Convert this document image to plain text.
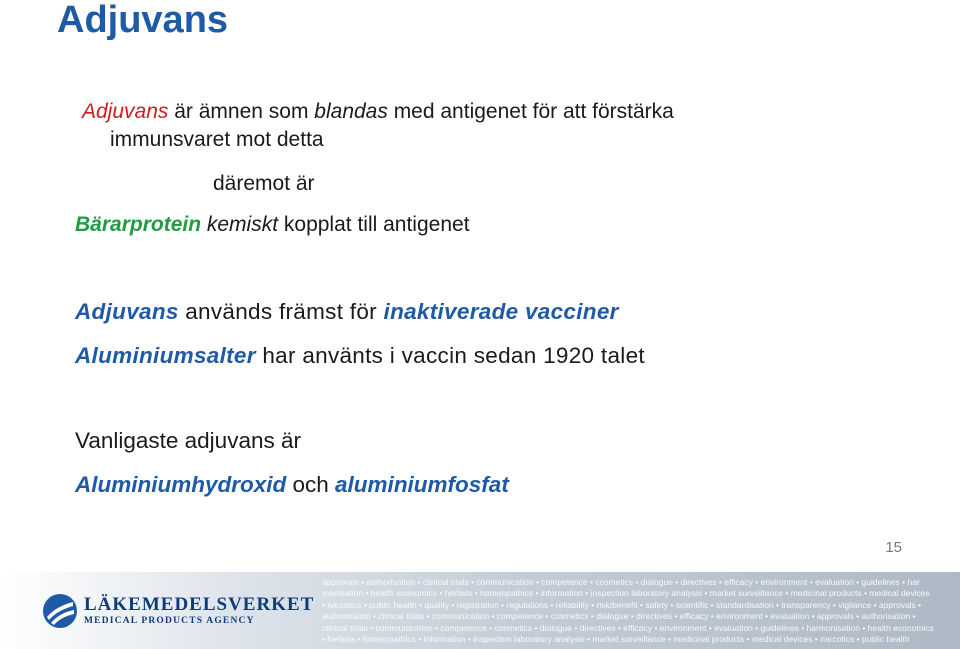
Adjuvans
Adjuvans är ämnen som blandas med antigenet för att förstärka
immunsvaret mot detta
däremot är
Bärarprotein kemiskt kopplat till antigenet
Adjuvans används främst för inaktiverade vacciner
Aluminiumsalter har använts i vaccin sedan 1920 talet
Vanligaste adjuvans är
Aluminiumhydroxid och aluminiumfosfat
15
LÄKEMEDELSVERKET
MEDICAL PRODUCTS AGENCY
approvals • authorisation • clinical trials • communication • competence • cosmetics • dialogue • directives • efficacy • environment • evaluation • guidelines • har
monisation • health economics • herbals • homeopathics • information • inspection laboratory analysis • market surveillance • medicinal products • medical devices
• narcotics • public health • quality • registration • regulations • reliability • risk/benefit • safety • scientific • standardisation • transparency • vigilance • approvals •
authorisation • clinical trials • communication • competence • cosmetics • dialogue • directives • efficacy • environment • evaluation • approvals • authorisation •
clinical trials • communication • competence • cosmetics • dialogue • directives • efficacy • environment • evaluation • guidelines • harmonisation • health economics
• herbals • homeopathics • information • inspection laboratory analysis • market surveillance • medicinal products • medical devices • narcotics • public health
